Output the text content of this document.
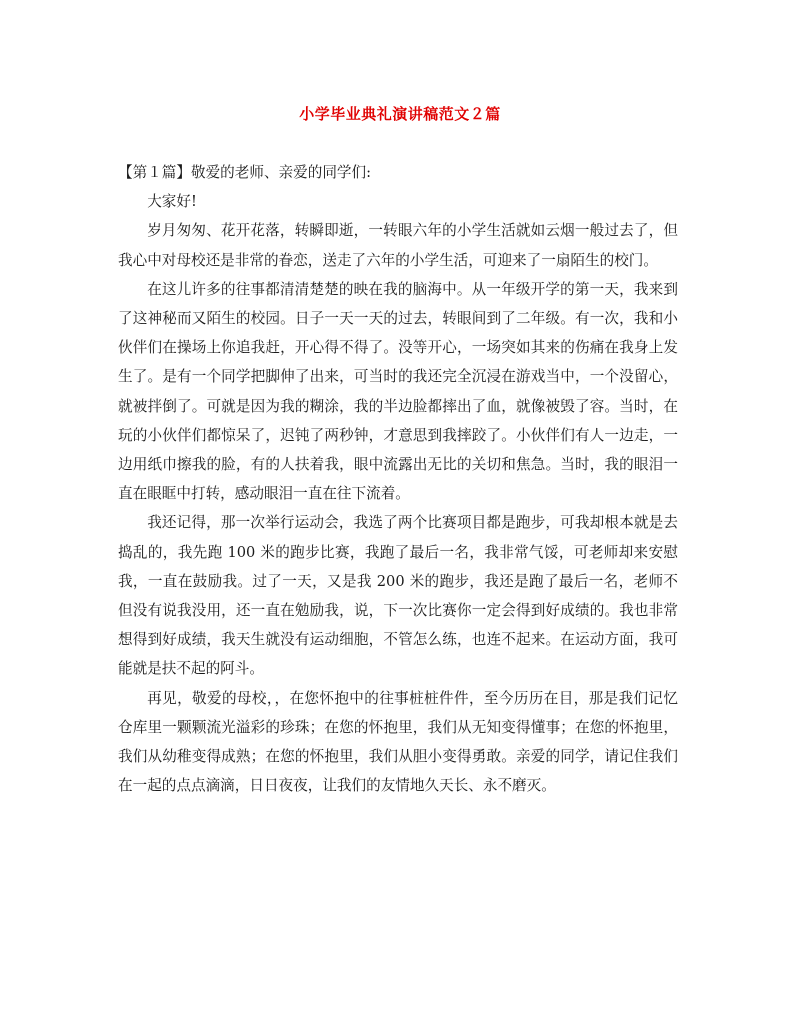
小学毕业典礼演讲稿范文２篇

【第１篇】敬爱的老师、亲爱的同学们:

大家好!

岁月匆匆、花开花落，转瞬即逝，一转眼六年的小学生活就如云烟一般过去了，但我心中对母校还是非常的眷恋，送走了六年的小学生活，可迎来了一扇陌生的校门。

在这儿许多的往事都清清楚楚的映在我的脑海中。从一年级开学的第一天，我来到了这神秘而又陌生的校园。日子一天一天的过去，转眼间到了二年级。有一次，我和小伙伴们在操场上你追我赶，开心得不得了。没等开心，一场突如其来的伤痛在我身上发生了。是有一个同学把脚伸了出来，可当时的我还完全沉浸在游戏当中，一个没留心，就被拌倒了。可就是因为我的糊涂，我的半边脸都摔出了血，就像被毁了容。当时，在玩的小伙伴们都惊呆了，迟钝了两秒钟，才意思到我摔跤了。小伙伴们有人一边走，一边用纸巾擦我的脸，有的人扶着我，眼中流露出无比的关切和焦急。当时，我的眼泪一直在眼眶中打转，感动眼泪一直在往下流着。

我还记得，那一次举行运动会，我选了两个比赛项目都是跑步，可我却根本就是去捣乱的，我先跑 100 米的跑步比赛，我跑了最后一名，我非常气馁，可老师却来安慰我，一直在鼓励我。过了一天，又是我 200 米的跑步，我还是跑了最后一名，老师不但没有说我没用，还一直在勉励我，说，下一次比赛你一定会得到好成绩的。我也非常想得到好成绩，我天生就没有运动细胞，不管怎么练，也连不起来。在运动方面，我可能就是扶不起的阿斗。

再见，敬爱的母校，，在您怀抱中的往事桩桩件件，至今历历在目，那是我们记忆仓库里一颗颗流光溢彩的珍珠；在您的怀抱里，我们从无知变得懂事；在您的怀抱里，我们从幼稚变得成熟；在您的怀抱里，我们从胆小变得勇敢。亲爱的同学，请记住我们在一起的点点滴滴，日日夜夜，让我们的友情地久天长、永不磨灭。
